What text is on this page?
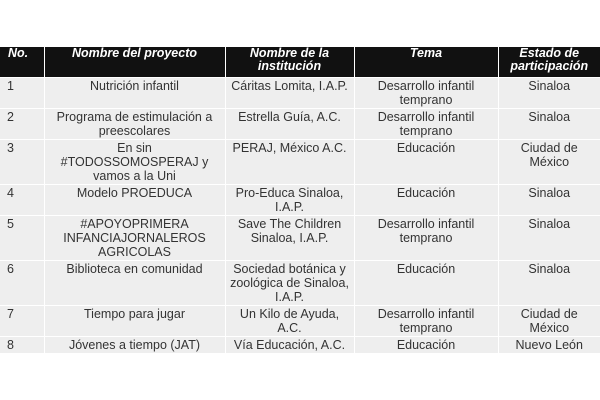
No.	Nombre del proyecto	Nombre de la institución	Tema	Estado de participación
1	Nutrición infantil	Cáritas Lomita, I.A.P.	Desarrollo infantil temprano	Sinaloa
2	Programa de estimulación a preescolares	Estrella Guía, A.C.	Desarrollo infantil temprano	Sinaloa
3	En sin #TODOSSOMOSPERAJ y vamos a la Uni	PERAJ, México A.C.	Educación	Ciudad de México
4	Modelo PROEDUCA	Pro-Educa Sinaloa, I.A.P.	Educación	Sinaloa
5	#APOYOPRIMERA INFANCIAJORNALEROS AGRICOLAS	Save The Children Sinaloa, I.A.P.	Desarrollo infantil temprano	Sinaloa
6	Biblioteca en comunidad	Sociedad botánica y zoológica de Sinaloa, I.A.P.	Educación	Sinaloa
7	Tiempo para jugar	Un Kilo de Ayuda, A.C.	Desarrollo infantil temprano	Ciudad de México
8	Jóvenes a tiempo (JAT)	Vía Educación, A.C.	Educación	Nuevo León
